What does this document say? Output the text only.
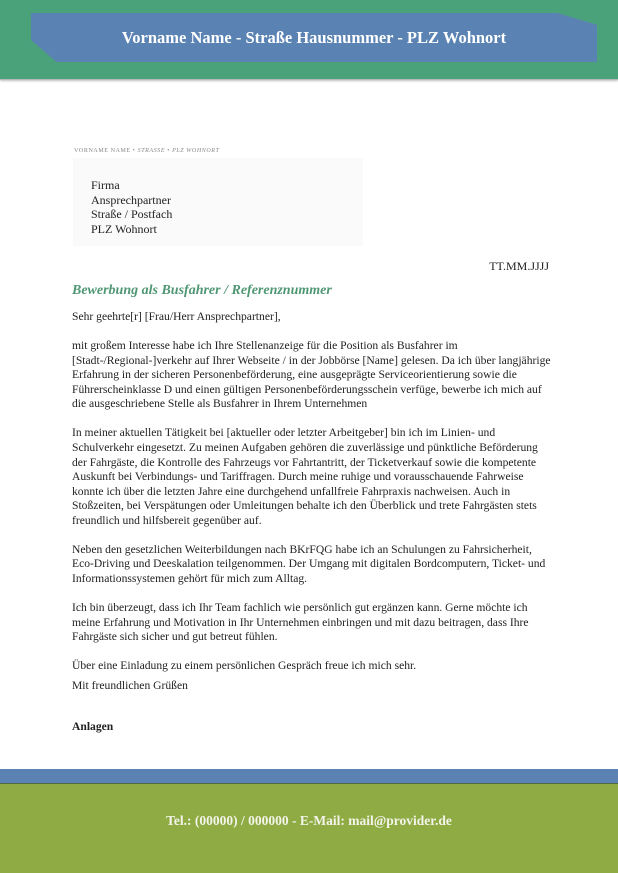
Vorname Name - Straße Hausnummer - PLZ Wohnort
VORNAME NAME • STRASSE • PLZ WOHNORT
Firma
Ansprechpartner
Straße / Postfach
PLZ Wohnort
TT.MM.JJJJ
Bewerbung als Busfahrer / Referenznummer

Sehr geehrte[r] [Frau/Herr Ansprechpartner],

mit großem Interesse habe ich Ihre Stellenanzeige für die Position als Busfahrer im [Stadt-/Regional-]verkehr auf Ihrer Webseite / in der Jobbörse [Name] gelesen. Da ich über langjährige Erfahrung in der sicheren Personenbeförderung, eine ausgeprägte Serviceorientierung sowie die Führerscheinklasse D und einen gültigen Personenbeförderungsschein verfüge, bewerbe ich mich auf die ausgeschriebene Stelle als Busfahrer in Ihrem Unternehmen

In meiner aktuellen Tätigkeit bei [aktueller oder letzter Arbeitgeber] bin ich im Linien- und Schulverkehr eingesetzt. Zu meinen Aufgaben gehören die zuverlässige und pünktliche Beförderung der Fahrgäste, die Kontrolle des Fahrzeugs vor Fahrtantritt, der Ticketverkauf sowie die kompetente Auskunft bei Verbindungs- und Tariffragen. Durch meine ruhige und vorausschauende Fahrweise konnte ich über die letzten Jahre eine durchgehend unfallfreie Fahrpraxis nachweisen. Auch in Stoßzeiten, bei Verspätungen oder Umleitungen behalte ich den Überblick und trete Fahrgästen stets freundlich und hilfsbereit gegenüber auf.

Neben den gesetzlichen Weiterbildungen nach BKrFQG habe ich an Schulungen zu Fahrsicherheit, Eco-Driving und Deeskalation teilgenommen. Der Umgang mit digitalen Bordcomputern, Ticket- und Informationssystemen gehört für mich zum Alltag.

Ich bin überzeugt, dass ich Ihr Team fachlich wie persönlich gut ergänzen kann. Gerne möchte ich meine Erfahrung und Motivation in Ihr Unternehmen einbringen und mit dazu beitragen, dass Ihre Fahrgäste sich sicher und gut betreut fühlen.

Über eine Einladung zu einem persönlichen Gespräch freue ich mich sehr.

Mit freundlichen Grüßen
Anlagen
Tel.: (00000) / 000000 - E-Mail: mail@provider.de
